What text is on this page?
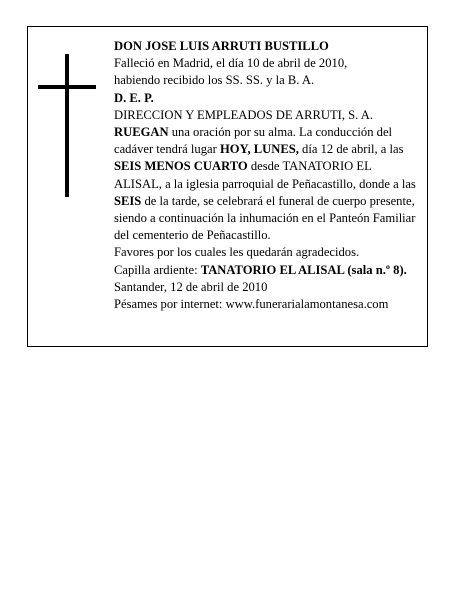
DON JOSE LUIS ARRUTI BUSTILLO

Falleció en Madrid, el día 10 de abril de 2010,

habiendo recibido los SS. SS. y la B. A.

D. E. P.

DIRECCION Y EMPLEADOS DE ARRUTI, S. A.

RUEGAN una oración por su alma. La conducción del cadáver tendrá lugar HOY, LUNES, día 12 de abril, a las SEIS MENOS CUARTO desde TANATORIO EL ALISAL, a la iglesia parroquial de Peñacastillo, donde a las SEIS de la tarde, se celebrará el funeral de cuerpo presente, siendo a continuación la inhumación en el Panteón Familiar del cementerio de Peñacastillo.

Favores por los cuales les quedarán agradecidos.

Capilla ardiente: TANATORIO EL ALISAL (sala n.º 8).

Santander, 12 de abril de 2010

Pésames por internet: www.funerarialamontanesa.com
